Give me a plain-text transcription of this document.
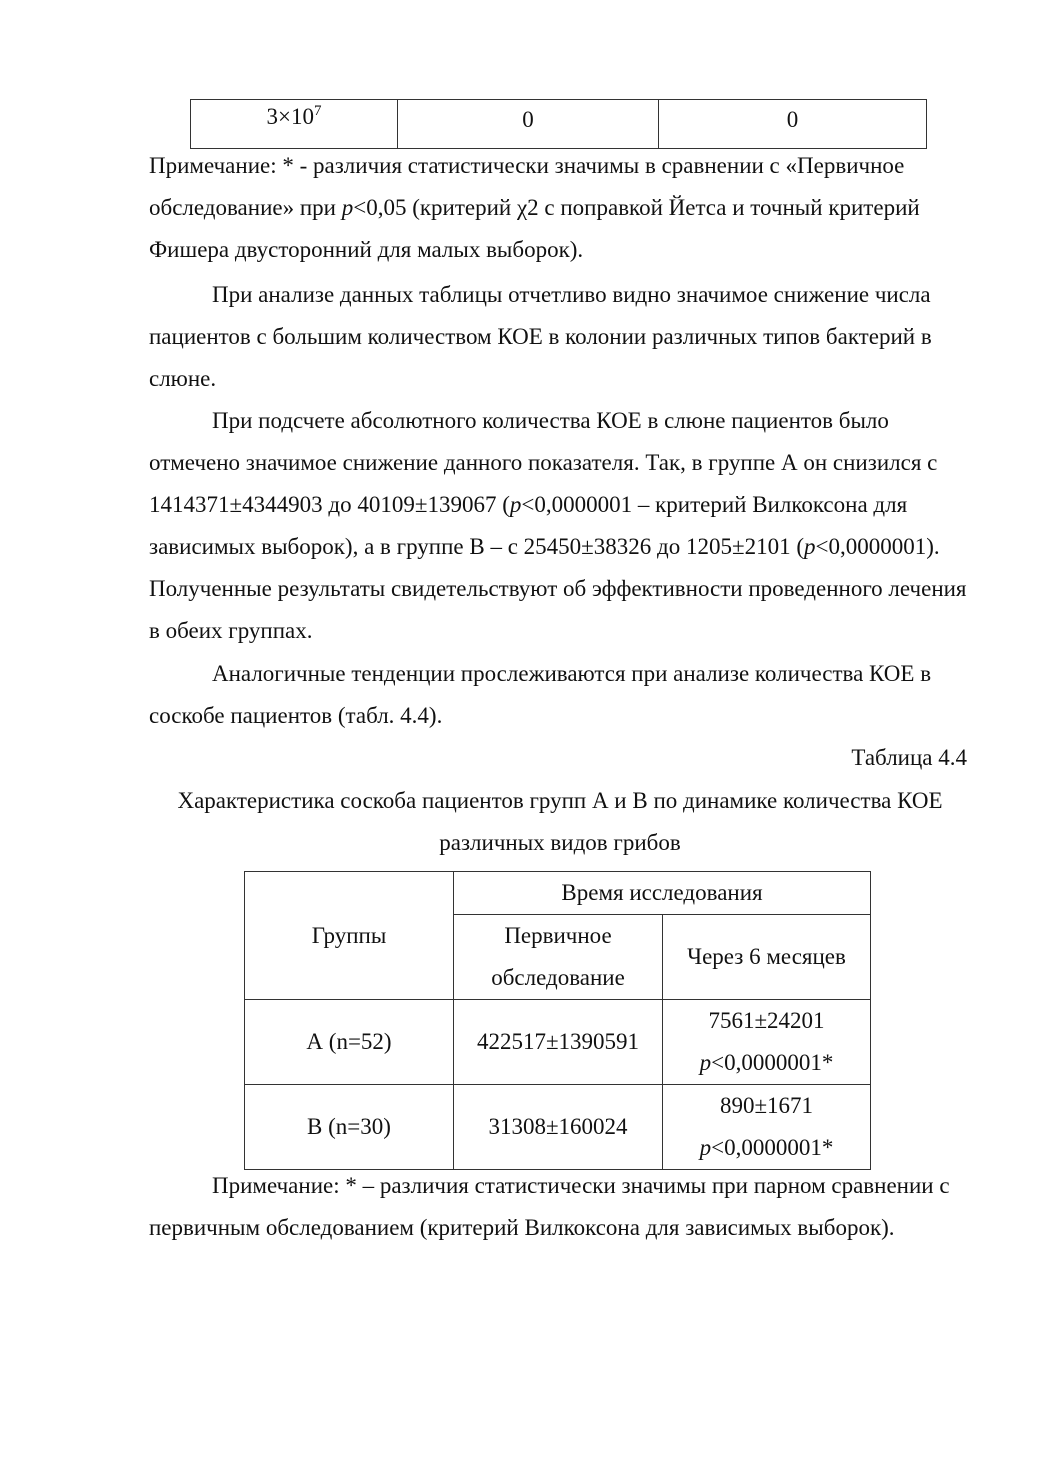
$3\times 10^7$	0	0

Примечание: * - различия статистически значимы в сравнении с «Первичное обследование» при p<0,05 (критерий χ2 с поправкой Йетса и точный критерий Фишера двусторонний для малых выборок).

При анализе данных таблицы отчетливо видно значимое снижение числа пациентов с большим количеством КОЕ в колонии различных типов бактерий в слюне.

При подсчете абсолютного количества КОЕ в слюне пациентов было отмечено значимое снижение данного показателя. Так, в группе А он снизился с 1414371±4344903 до 40109±139067 (p<0,0000001 – критерий Вилкоксона для зависимых выборок), а в группе В – с 25450±38326 до 1205±2101 (p<0,0000001). Полученные результаты свидетельствуют об эффективности проведенного лечения в обеих группах.

Аналогичные тенденции прослеживаются при анализе количества КОЕ в соскобе пациентов (табл. 4.4).

Таблица 4.4

Характеристика соскоба пациентов групп А и В по динамике количества КОЕ различных видов грибов

Группы	Время исследования	
	Первичное обследование	Через 6 месяцев
А (n=52)	422517±1390591	7561±24201
p<0,0000001*

В (n=30)	31308±160024	890±1671
p<0,0000001*

Примечание: * – различия статистически значимы при парном сравнении с первичным обследованием (критерий Вилкоксона для зависимых выборок).
